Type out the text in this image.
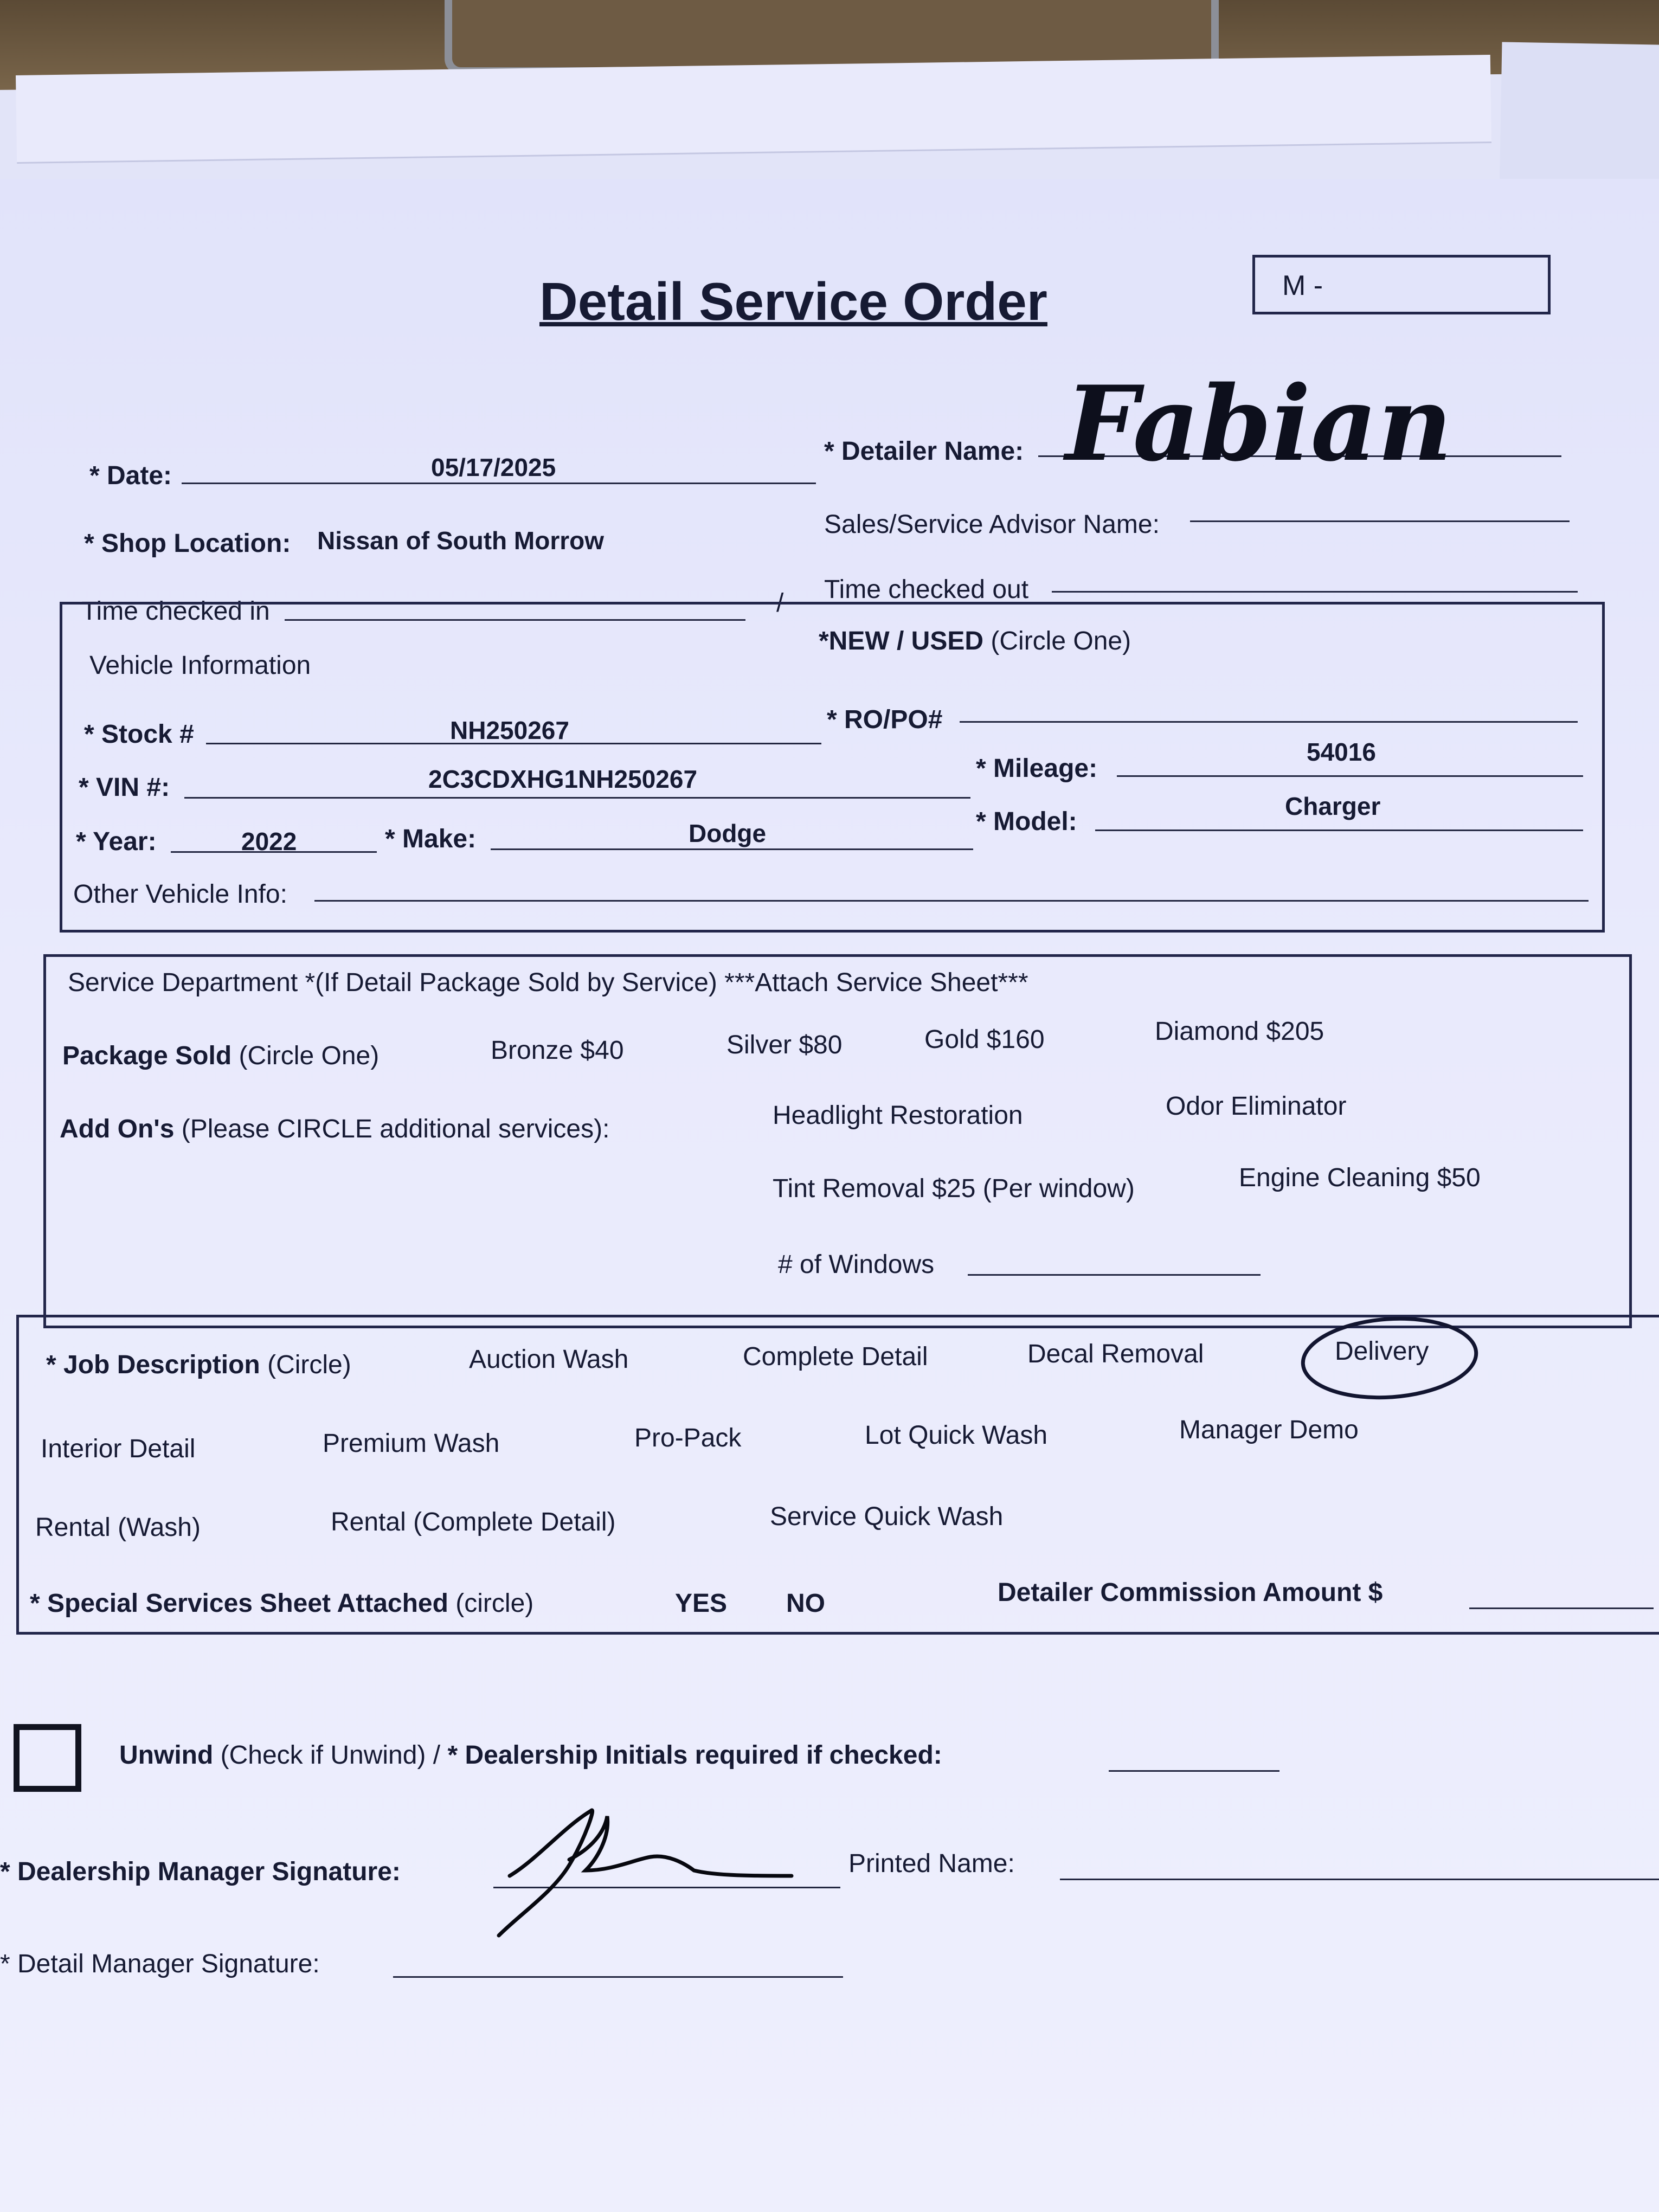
Detail Service Order	M -
* Date:	05/17/2025
* Detailer Name: Fabian
* Shop Location: Nissan of South Morrow
Sales/Service Advisor Name:
Time checked in	/ Time checked out
Vehicle Information
*NEW / USED (Circle One)
* Stock #	NH250267	* RO/PO#
* VIN #:	2C3CDXHG1NH250267	* Mileage:
54016
* Year:	2022	* Make:	Dodge	* Model:
Charger
Other Vehicle Info:
Service Department *(If Detail Package Sold by Service) ***Attach Service Sheet***
Package Sold (Circle One)	Bronze $40	Silver $80	Gold $160	Diamond $205
Add On's (Please CIRCLE additional services):	Headlight Restoration	Odor Eliminator
Tint Removal $25 (Per window)	Engine Cleaning $50
# of Windows
* Job Description (Circle)	Auction Wash	Complete Detail	Decal Removal	Delivery
Interior Detail	Premium Wash	Pro-Pack	Lot Quick Wash	Manager Demo
Rental (Wash)	Rental (Complete Detail)	Service Quick Wash
* Special Services Sheet Attached (circle)	YES NO	Detailer Commission Amount $
Unwind (Check if Unwind) / * Dealership Initials required if checked:
* Dealership Manager Signature:	Printed Name:
* Detail Manager Signature:
